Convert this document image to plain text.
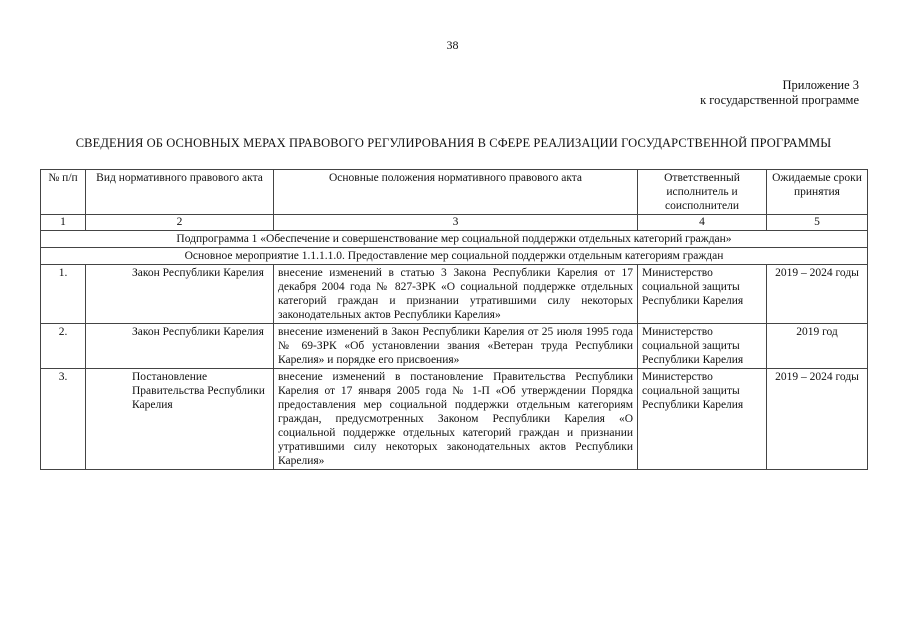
38
Приложение 3
к государственной программе
СВЕДЕНИЯ ОБ ОСНОВНЫХ МЕРАХ ПРАВОВОГО РЕГУЛИРОВАНИЯ В СФЕРЕ РЕАЛИЗАЦИИ ГОСУДАРСТВЕННОЙ ПРОГРАММЫ
№ п/п	Вид нормативного правового акта	Основные положения нормативного правового акта	Ответственный исполнитель и соисполнители	Ожидаемые сроки принятия
1	2	3	4	5
Подпрограмма 1 «Обеспечение и совершенствование мер социальной поддержки отдельных категорий граждан»				
Основное мероприятие 1.1.1.1.0. Предоставление мер социальной поддержки отдельным категориям граждан				
1.	Закон Республики Карелия	внесение изменений в статью 3 Закона Республики Карелия от 17 декабря 2004 года № 827-ЗРК «О социальной поддержке отдельных категорий граждан и признании утратившими силу некоторых законодательных актов Республики Карелия»	Министерство социальной защиты Республики Карелия	2019 – 2024 годы
2.	Закон Республики Карелия	внесение изменений в Закон Республики Карелия от 25 июля 1995 года № 69-ЗРК «Об установлении звания «Ветеран труда Республики Карелия» и порядке его присвоения»	Министерство социальной защиты Республики Карелия	2019 год
3.	Постановление Правительства Республики Карелия	внесение изменений в постановление Правительства Республики Карелия от 17 января 2005 года № 1-П «Об утверждении Порядка предоставления мер социальной поддержки отдельным категориям граждан, предусмотренных Законом Республики Карелия «О социальной поддержке отдельных категорий граждан и признании утратившими силу некоторых законодательных актов Республики Карелия»	Министерство социальной защиты Республики Карелия	2019 – 2024 годы
